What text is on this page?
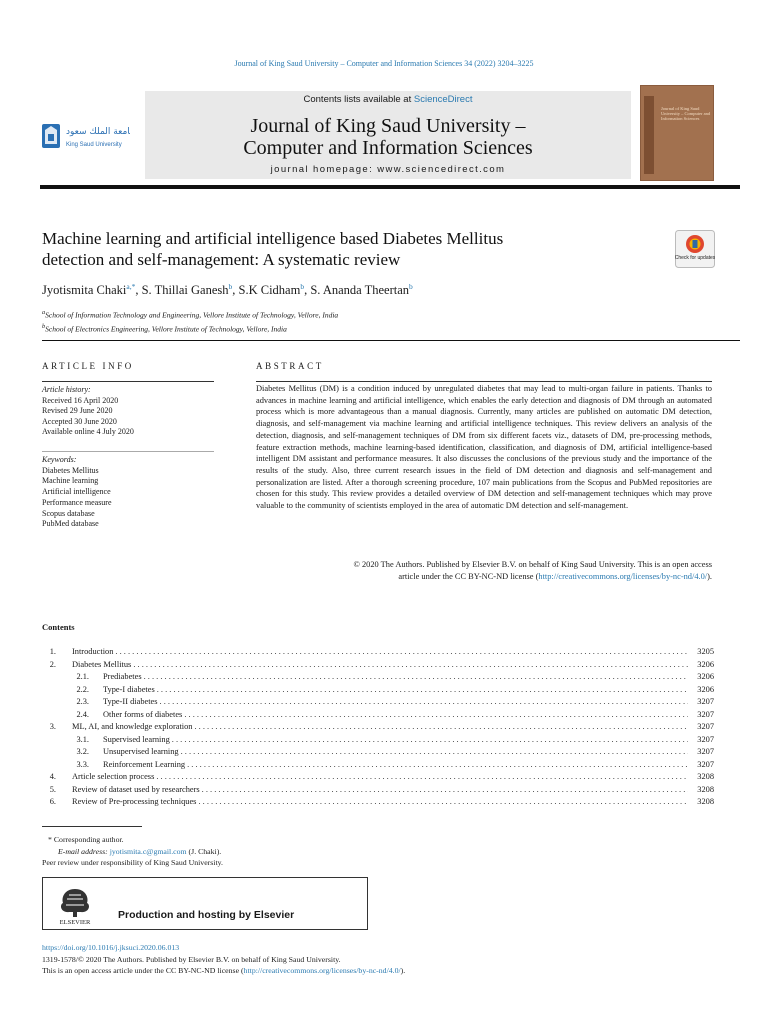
Journal of King Saud University – Computer and Information Sciences 34 (2022) 3204–3225
جامعة الملك سعود
King Saud University
Contents lists available at ScienceDirect
Journal of King Saud University –
Computer and Information Sciences
journal homepage: www.sciencedirect.com
Journal of King Saud University – Computer and Information Sciences
Machine learning and artificial intelligence based Diabetes Mellitus
detection and self-management: A systematic review	Check for updates
Jyotismita Chaki$^{a,*}$, S. Thillai Ganesh$^b$, S.K Cidham$^b$, S. Ananda Theertan$^b$
$^a$School of Information Technology and Engineering, Vellore Institute of Technology, Vellore, India
$^b$School of Electronics Engineering, Vellore Institute of Technology, Vellore, India
ARTICLE INFO	ABSTRACT
Article history:
Received 16 April 2020
Revised 29 June 2020
Accepted 30 June 2020
Available online 4 July 2020
Keywords:
Diabetes Mellitus
Machine learning
Artificial intelligence
Performance measure
Scopus database
PubMed database
Diabetes Mellitus (DM) is a condition induced by unregulated diabetes that may lead to multi-organ failure in patients. Thanks to advances in machine learning and artificial intelligence, which enables the early detection and diagnosis of DM through an automated process which is more advantageous than a manual diagnosis. Currently, many articles are published on automatic DM detection, diagnosis, and self-management via machine learning and artificial intelligence techniques. This review delivers an analysis of the detection, diagnosis, and self-management techniques of DM from six different facets viz., datasets of DM, pre-processing methods, feature extraction methods, machine learning-based identification, classification, and diagnosis of DM, artificial intelligence-based intelligent DM assistant and performance measures. It also discusses the conclusions of the previous study and the importance of the results of the study. Also, three current research issues in the field of DM detection and diagnosis and self-management and personalization are listed. After a thorough screening procedure, 107 main publications from the Scopus and PubMed repositories are chosen for this study. This review provides a detailed overview of DM detection and self-management techniques which may prove valuable to the community of scientists employed in the area of automatic DM detection and self-management.
© 2020 The Authors. Published by Elsevier B.V. on behalf of King Saud University. This is an open access
article under the CC BY-NC-ND license (http://creativecommons.org/licenses/by-nc-nd/4.0/).
Contents
1.	Introduction . . .	3205
2.	Diabetes Mellitus . . .	3206
2.1.	Prediabetes . . .	3206
2.2.	Type-I diabetes . . .	3206
2.3.	Type-II diabetes . . .	3207
2.4.	Other forms of diabetes . . .	3207
3.	ML, AI, and knowledge exploration . . .	3207
3.1.	Supervised learning . . .	3207
3.2.	Unsupervised learning . . .	3207
3.3.	Reinforcement Learning . . .	3207
4.	Article selection process . . .	3208
5.	Review of dataset used by researchers . . .	3208
6.	Review of Pre-processing techniques . . .	3208
* Corresponding author.
E-mail address: jyotismita.c@gmail.com (J. Chaki).
Peer review under responsibility of King Saud University.
ELSEVIER
Production and hosting by Elsevier
https://doi.org/10.1016/j.jksuci.2020.06.013
1319-1578/© 2020 The Authors. Published by Elsevier B.V. on behalf of King Saud University.
This is an open access article under the CC BY-NC-ND license (http://creativecommons.org/licenses/by-nc-nd/4.0/).
